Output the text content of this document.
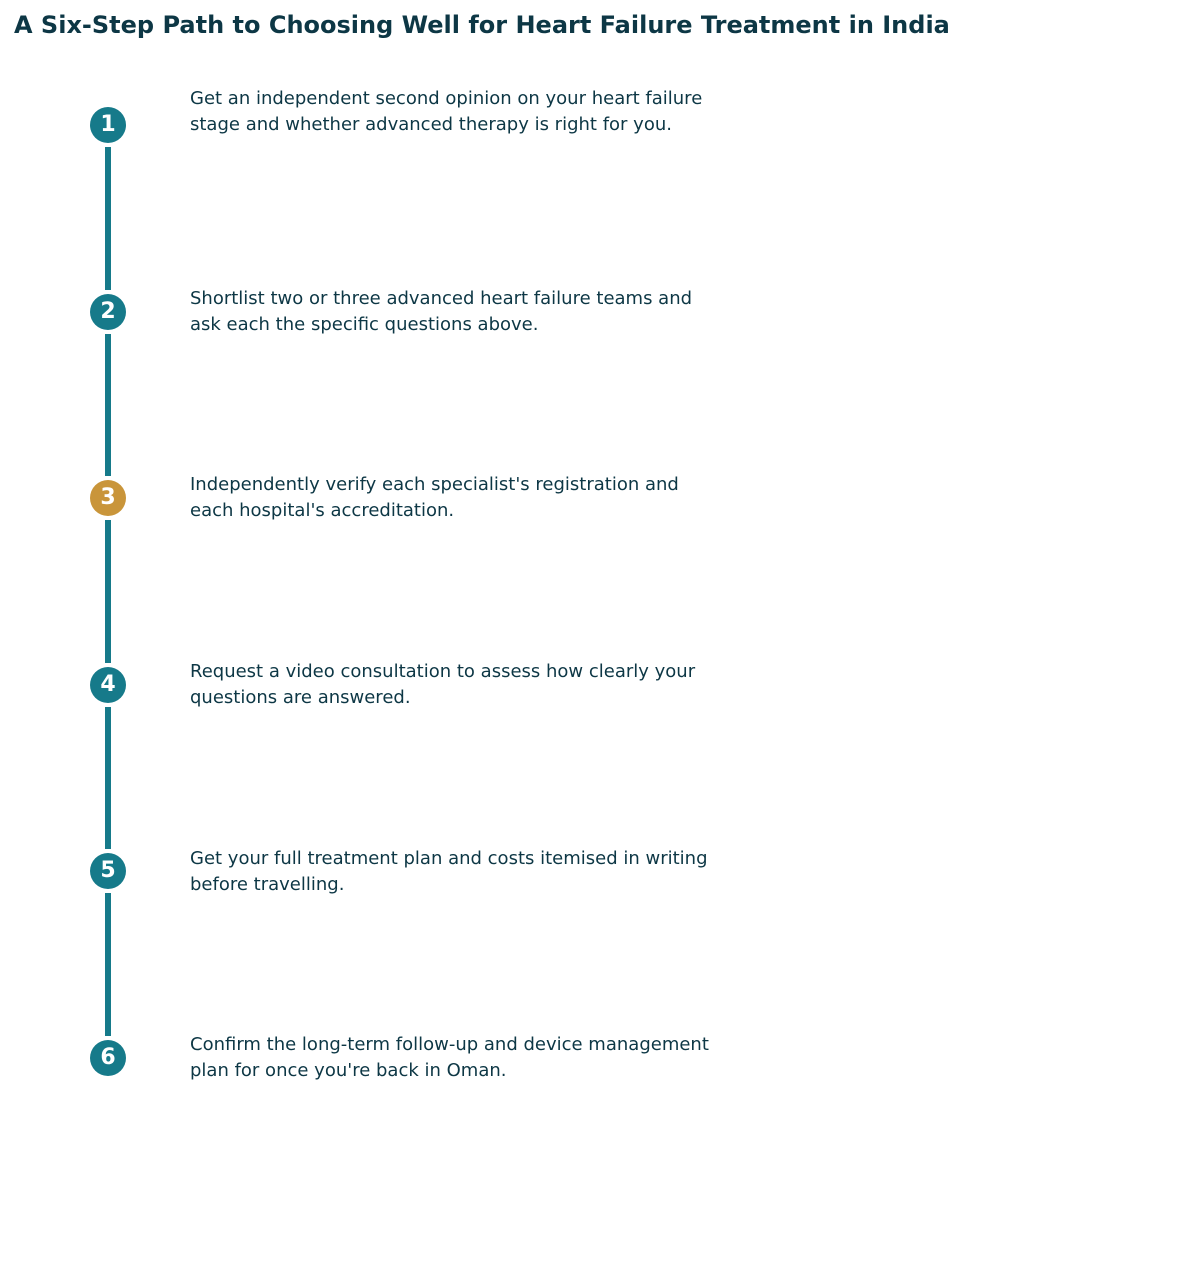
A Six-Step Path to Choosing Well for Heart Failure Treatment in India
1

Get an independent second opinion on your heart failure stage and whether advanced therapy is right for you.

2

Shortlist two or three advanced heart failure teams and ask each the specific questions above.

3

Independently verify each specialist's registration and each hospital's accreditation.

4

Request a video consultation to assess how clearly your questions are answered.

5	Get your full treatment plan and costs itemised in writing before travelling.

6

Confirm the long-term follow-up and device management plan for once you're back in Oman.
